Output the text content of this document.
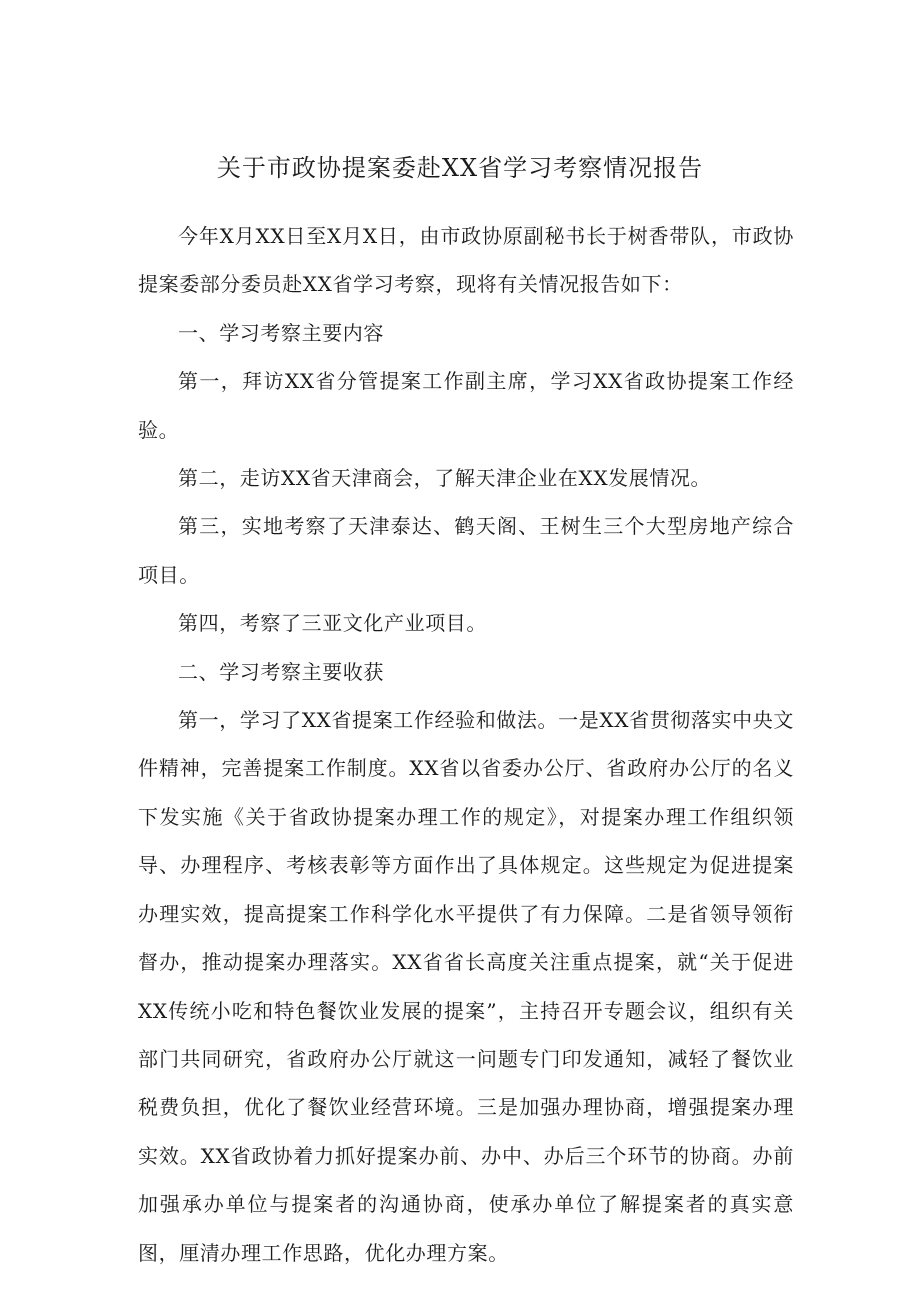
关于市政协提案委赴XX省学习考察情况报告

今年X月XX日至X月X日，由市政协原副秘书长于树香带队，市政协提案委部分委员赴XX省学习考察，现将有关情况报告如下：

一、学习考察主要内容

第一，拜访XX省分管提案工作副主席，学习XX省政协提案工作经验。

第二，走访XX省天津商会，了解天津企业在XX发展情况。

第三，实地考察了天津泰达、鹤天阁、王树生三个大型房地产综合项目。

第四，考察了三亚文化产业项目。

二、学习考察主要收获

第一，学习了XX省提案工作经验和做法。一是XX省贯彻落实中央文件精神，完善提案工作制度。XX省以省委办公厅、省政府办公厅的名义下发实施《关于省政协提案办理工作的规定》，对提案办理工作组织领导、办理程序、考核表彰等方面作出了具体规定。这些规定为促进提案办理实效，提高提案工作科学化水平提供了有力保障。二是省领导领衔督办，推动提案办理落实。XX省省长高度关注重点提案，就“关于促进XX传统小吃和特色餐饮业发展的提案”，主持召开专题会议，组织有关部门共同研究，省政府办公厅就这一问题专门印发通知，减轻了餐饮业税费负担，优化了餐饮业经营环境。三是加强办理协商，增强提案办理实效。XX省政协着力抓好提案办前、办中、办后三个环节的协商。办前加强承办单位与提案者的沟通协商，使承办单位了解提案者的真实意图，厘清办理工作思路，优化办理方案。
